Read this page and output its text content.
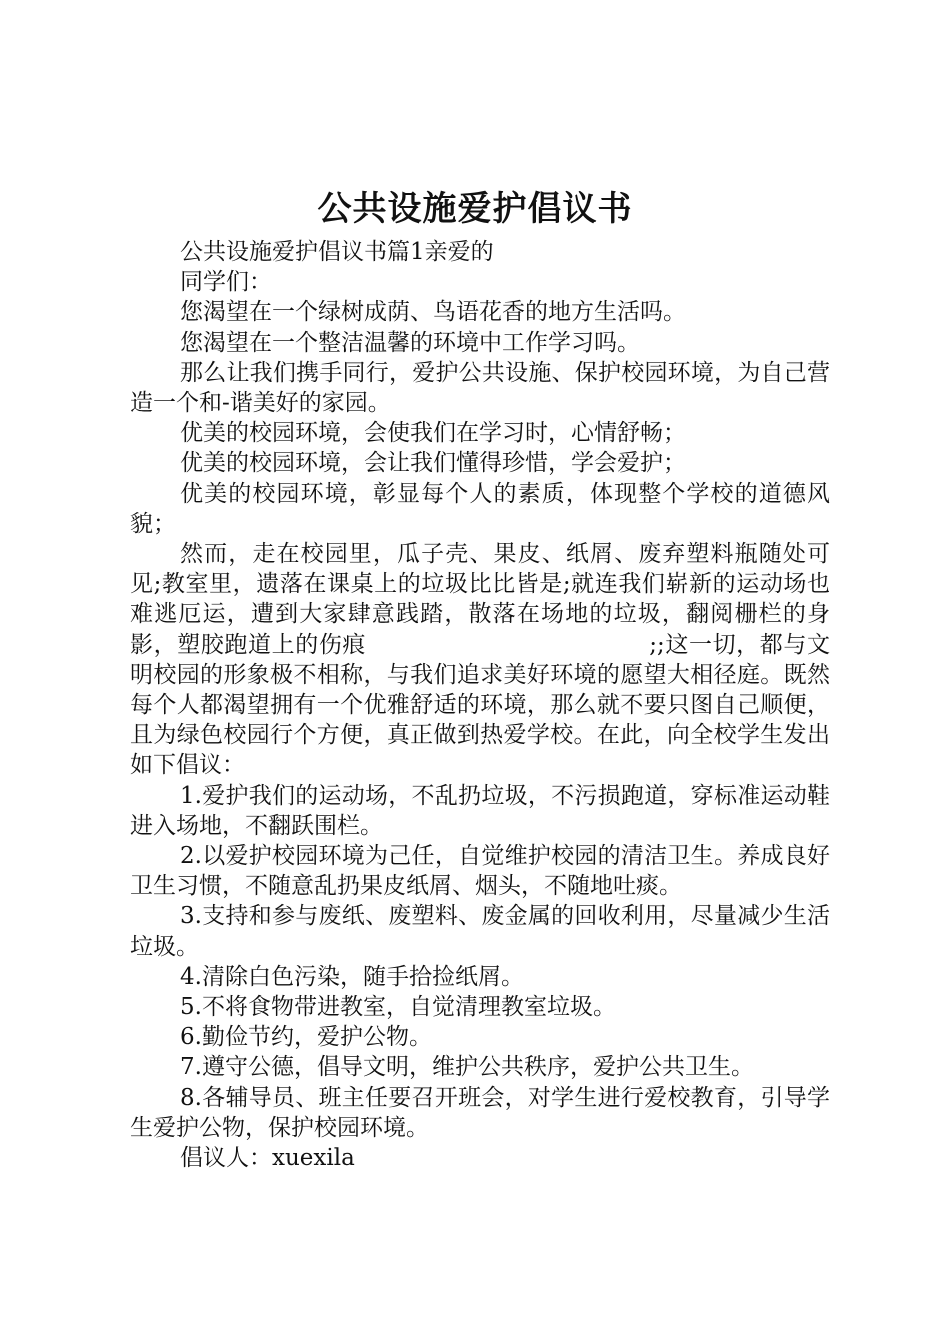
公共设施爱护倡议书

公共设施爱护倡议书篇1亲爱的

同学们：

您渴望在一个绿树成荫、鸟语花香的地方生活吗。

您渴望在一个整洁温馨的环境中工作学习吗。

那么让我们携手同行，爱护公共设施、保护校园环境，为自己营造一个和-谐美好的家园。

优美的校园环境，会使我们在学习时，心情舒畅；

优美的校园环境，会让我们懂得珍惜，学会爱护；

优美的校园环境，彰显每个人的素质，体现整个学校的道德风貌；

然而，走在校园里，瓜子壳、果皮、纸屑、废弃塑料瓶随处可见;教室里，遗落在课桌上的垃圾比比皆是;就连我们崭新的运动场也难逃厄运，遭到大家肆意践踏，散落在场地的垃圾，翻阅栅栏的身影，塑胶跑道上的伤痕　　　　　　　　　　　　;;这一切，都与文明校园的形象极不相称，与我们追求美好环境的愿望大相径庭。既然每个人都渴望拥有一个优雅舒适的环境，那么就不要只图自己顺便，且为绿色校园行个方便，真正做到热爱学校。在此，向全校学生发出如下倡议：

1.爱护我们的运动场，不乱扔垃圾，不污损跑道，穿标准运动鞋进入场地，不翻跃围栏。

2.以爱护校园环境为己任，自觉维护校园的清洁卫生。养成良好卫生习惯，不随意乱扔果皮纸屑、烟头，不随地吐痰。

3.支持和参与废纸、废塑料、废金属的回收利用，尽量减少生活垃圾。

4.清除白色污染，随手拾捡纸屑。

5.不将食物带进教室，自觉清理教室垃圾。

6.勤俭节约，爱护公物。

7.遵守公德，倡导文明，维护公共秩序，爱护公共卫生。

8.各辅导员、班主任要召开班会，对学生进行爱校教育，引导学生爱护公物，保护校园环境。

倡议人：xuexila
